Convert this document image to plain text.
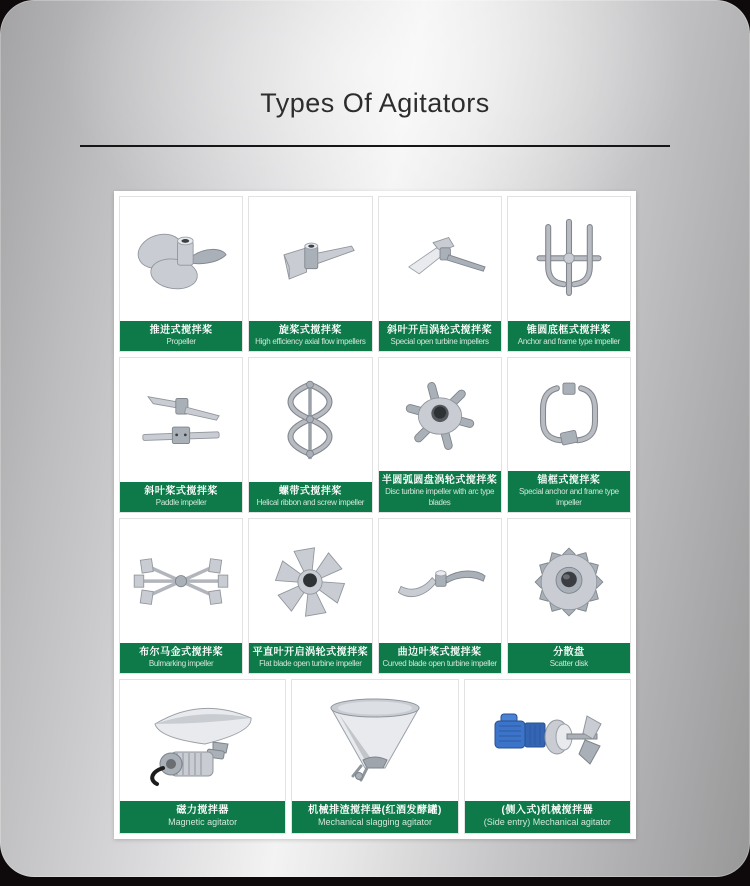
Types Of Agitators
推进式搅拌桨
Propeller
旋桨式搅拌桨
High efficiency axial flow impellers
斜叶开启涡轮式搅拌桨
Special open turbine impellers
锥圆底框式搅拌桨
Anchor and frame type impeller
斜叶桨式搅拌桨
Paddle impeller
螺带式搅拌桨
Helical ribbon and screw impeller
半圆弧圆盘涡轮式搅拌桨
Disc turbine impeller with arc type blades
锚框式搅拌桨
Special anchor and frame type impeller
布尔马金式搅拌桨
Bulmarking impeller
平直叶开启涡轮式搅拌桨
Flat blade open turbine impeller
曲边叶桨式搅拌桨
Curved blade open turbine impeller
分散盘
Scatter disk
磁力搅拌器
Magnetic agitator
机械排渣搅拌器(红酒发酵罐)
Mechanical slagging agitator
(侧入式)机械搅拌器
(Side entry) Mechanical agitator
